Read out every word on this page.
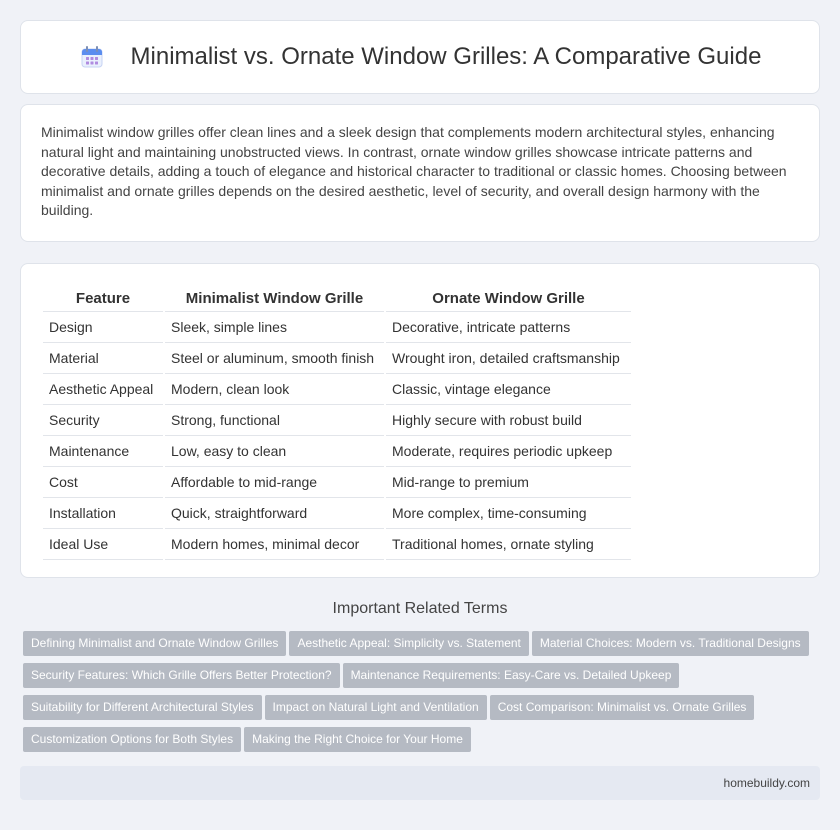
Minimalist vs. Ornate Window Grilles: A Comparative Guide

Minimalist window grilles offer clean lines and a sleek design that complements modern architectural styles, enhancing natural light and maintaining unobstructed views. In contrast, ornate window grilles showcase intricate patterns and decorative details, adding a touch of elegance and historical character to traditional or classic homes. Choosing between minimalist and ornate grilles depends on the desired aesthetic, level of security, and overall design harmony with the building.

Feature	Minimalist Window Grille	Ornate Window Grille
Design	Sleek, simple lines	Decorative, intricate patterns
Material	Steel or aluminum, smooth finish	Wrought iron, detailed craftsmanship
Aesthetic Appeal	Modern, clean look	Classic, vintage elegance
Security	Strong, functional	Highly secure with robust build
Maintenance	Low, easy to clean	Moderate, requires periodic upkeep
Cost	Affordable to mid-range	Mid-range to premium
Installation	Quick, straightforward	More complex, time-consuming
Ideal Use	Modern homes, minimal decor	Traditional homes, ornate styling
Important Related Terms
Defining Minimalist and Ornate Window Grilles Aesthetic Appeal: Simplicity vs. Statement Material Choices: Modern vs. Traditional DesignsSecurity Features: Which Grille Offers Better Protection? Maintenance Requirements: Easy-Care vs. Detailed UpkeepSuitability for Different Architectural Styles Impact on Natural Light and Ventilation Cost Comparison: Minimalist vs. Ornate GrillesCustomization Options for Both Styles Making the Right Choice for Your Home
homebuildy.com
